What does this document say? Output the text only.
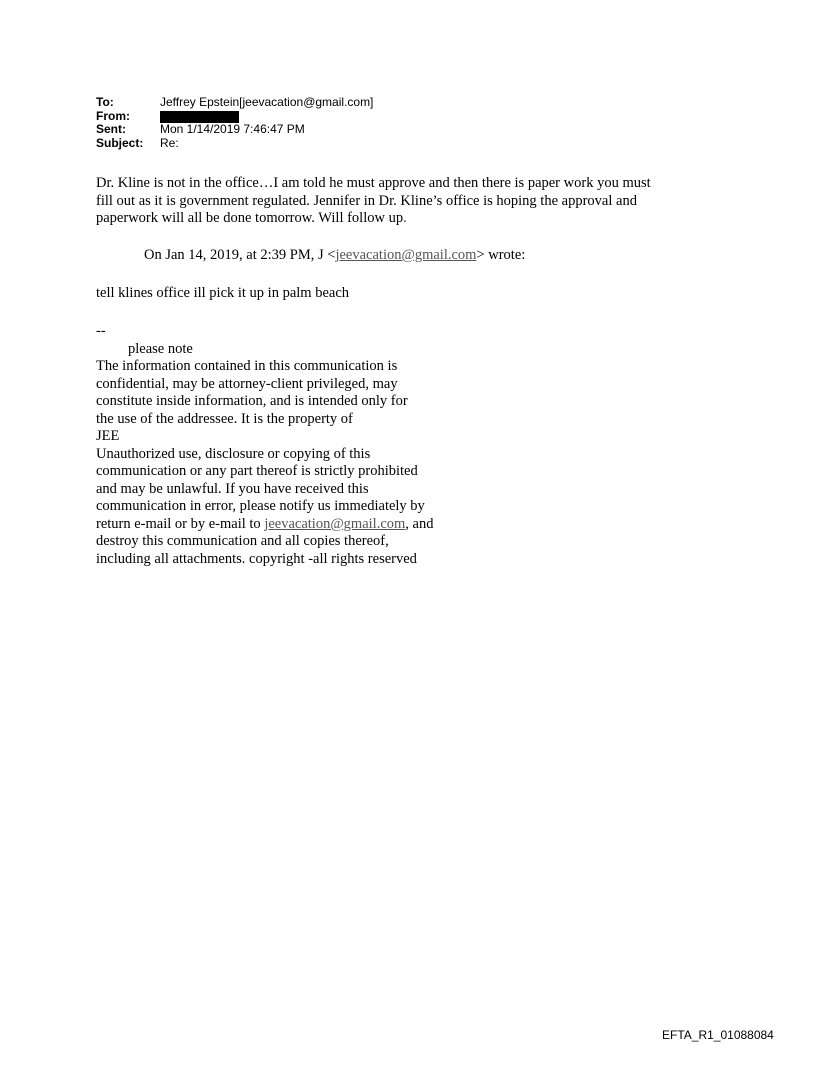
To:	Jeffrey Epstein[jeevacation@gmail.com]
From:
Sent:	Mon 1/14/2019 7:46:47 PM
Subject:	Re:

Dr. Kline is not in the office…I am told he must approve and then there is paper work you must

fill out as it is government regulated. Jennifer in Dr. Kline’s office is hoping the approval and

paperwork will all be done tomorrow. Will follow up.

On Jan 14, 2019, at 2:39 PM, J <jeevacation@gmail.com> wrote:
tell klines office ill pick it up in palm beach
--
please note
The information contained in this communication is
confidential, may be attorney-client privileged, may
constitute inside information, and is intended only for
the use of the addressee. It is the property of
JEE
Unauthorized use, disclosure or copying of this
communication or any part thereof is strictly prohibited
and may be unlawful. If you have received this
communication in error, please notify us immediately by
return e-mail or by e-mail to jeevacation@gmail.com, and
destroy this communication and all copies thereof,
including all attachments. copyright -all rights reserved
EFTA_R1_01088084
